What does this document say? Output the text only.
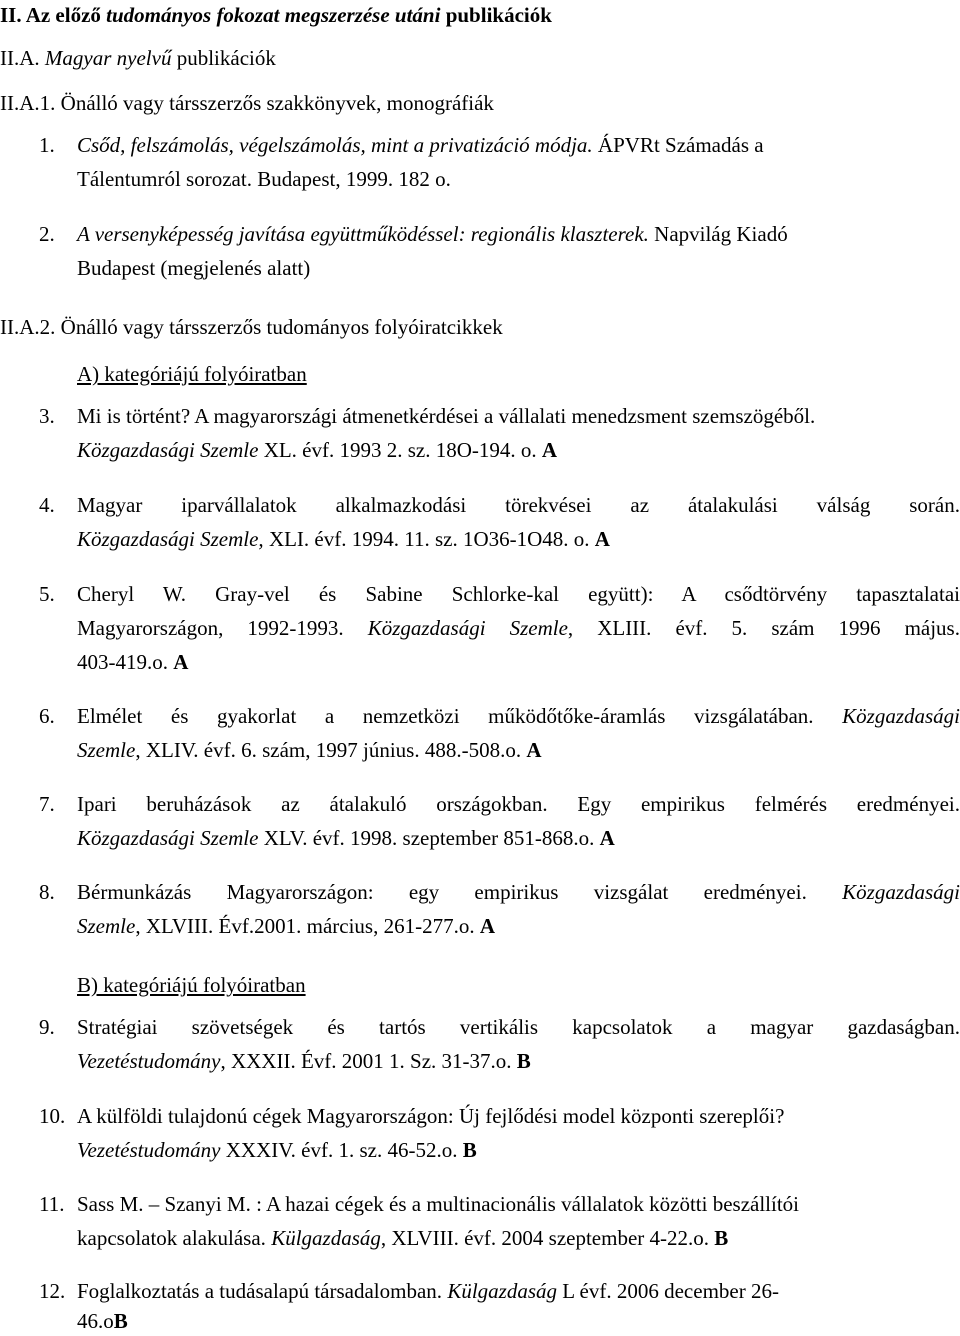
II. Az előző tudományos fokozat megszerzése utáni publikációk
II.A. Magyar nyelvű publikációk
II.A.1. Önálló vagy társszerzős szakkönyvek, monográfiák
1. Csőd, felszámolás, végelszámolás, mint a privatizáció módja. ÁPVRt Számadás a
Tálentumról sorozat. Budapest, 1999. 182 o.
2. A versenyképesség javítása együttműködéssel: regionális klaszterek. Napvilág Kiadó
Budapest (megjelenés alatt)
II.A.2. Önálló vagy társszerzős tudományos folyóiratcikkek
A) kategóriájú folyóiratban
3. Mi is történt? A magyarországi átmenetkérdései a vállalati menedzsment szemszögéből.
Közgazdasági Szemle XL. évf. 1993 2. sz. 18O-194. o. A
4. Magyar iparvállalatok alkalmazkodási törekvései az átalakulási válság során.
Közgazdasági Szemle, XLI. évf. 1994. 11. sz. 1O36-1O48. o. A
5. Cheryl W. Gray-vel és Sabine Schlorke-kal együtt): A csődtörvény tapasztalatai
Magyarországon, 1992-1993. Közgazdasági Szemle, XLIII. évf. 5. szám 1996 május.
403-419.o. A
6. Elmélet és gyakorlat a nemzetközi működőtőke-áramlás vizsgálatában. Közgazdasági
Szemle, XLIV. évf. 6. szám, 1997 június. 488.-508.o. A
7. Ipari beruházások az átalakuló országokban. Egy empirikus felmérés eredményei.
Közgazdasági Szemle XLV. évf. 1998. szeptember 851-868.o. A
8. Bérmunkázás Magyarországon: egy empirikus vizsgálat eredményei. Közgazdasági
Szemle, XLVIII. Évf.2001. március, 261-277.o. A
B) kategóriájú folyóiratban
9. Stratégiai szövetségek és tartós vertikális kapcsolatok a magyar gazdaságban.
Vezetéstudomány, XXXII. Évf. 2001 1. Sz. 31-37.o. B
10. A külföldi tulajdonú cégek Magyarországon: Új fejlődési model központi szereplői?
Vezetéstudomány XXXIV. évf. 1. sz. 46-52.o. B
11. Sass M. – Szanyi M. : A hazai cégek és a multinacionális vállalatok közötti beszállítói
kapcsolatok alakulása. Külgazdaság, XLVIII. évf. 2004 szeptember 4-22.o. B
12. Foglalkoztatás a tudásalapú társadalomban. Külgazdaság L évf. 2006 december 26-
46.oB
